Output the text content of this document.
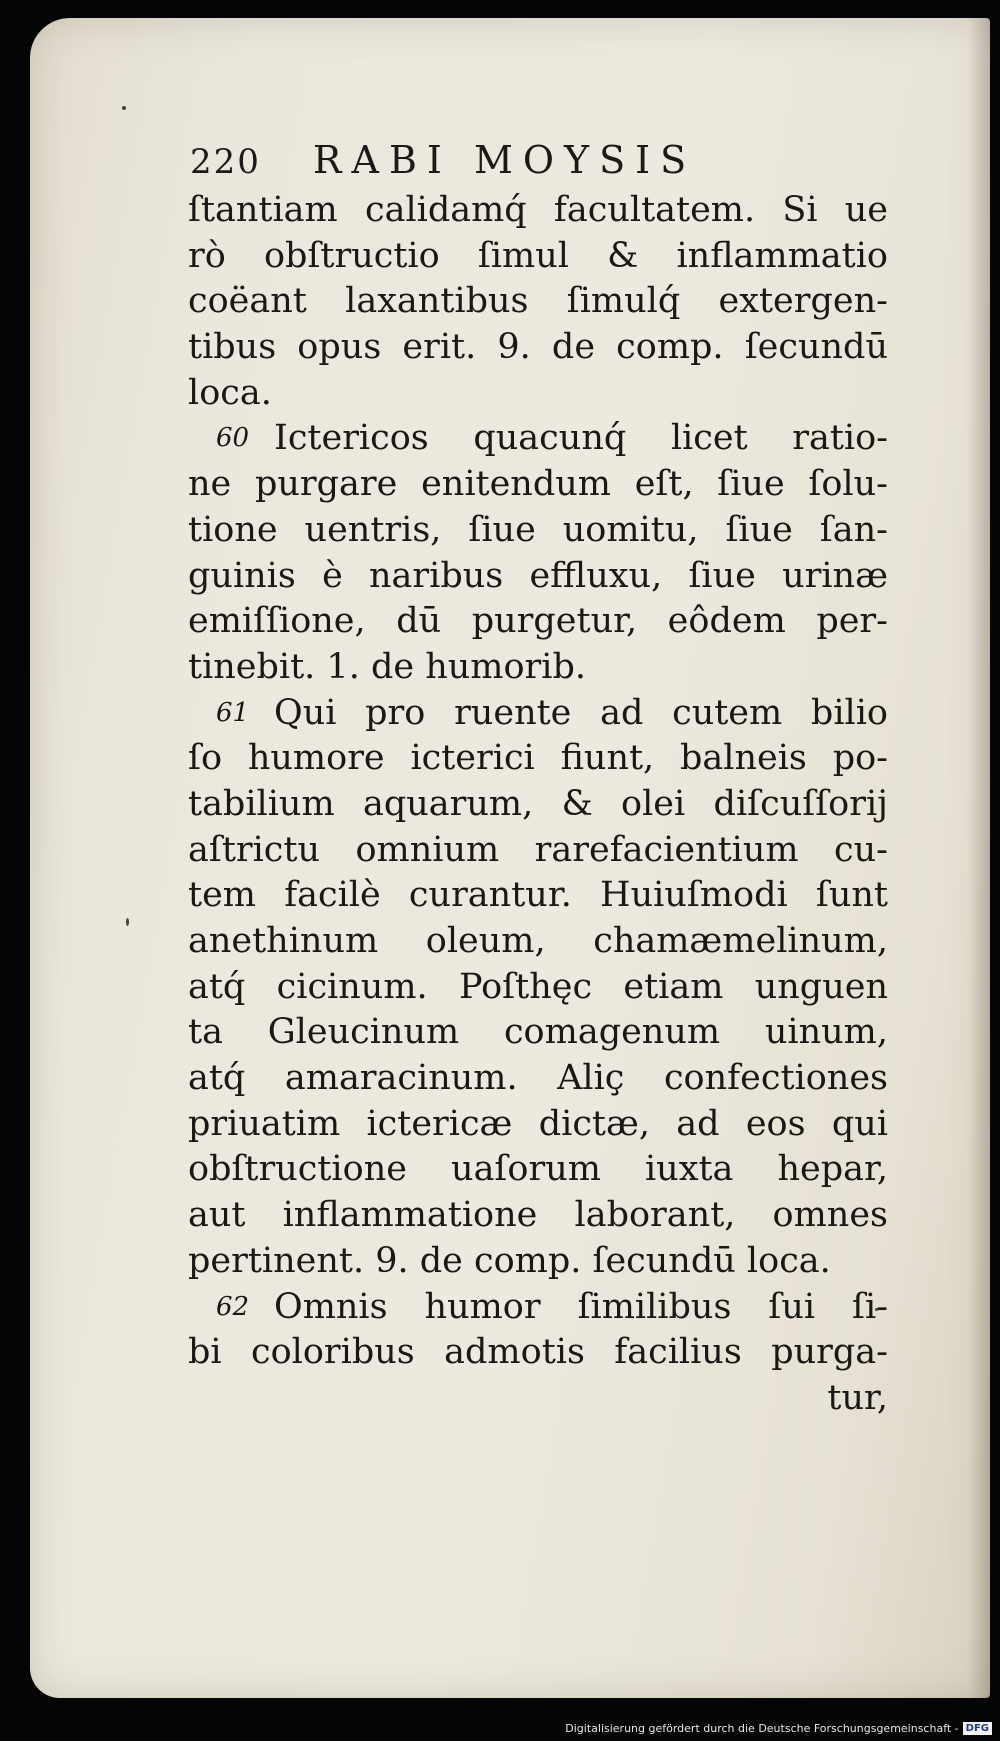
220 RABI MOYSIS
ſtantiam calidamq́ facultatem. Si ue
rò obſtructio ſimul & inflammatio
coëant laxantibus ſimulq́ extergen-
tibus opus erit. 9. de comp. ſecundū
loca.
60 Ictericos quacunq́ licet ratio-
ne purgare enitendum eſt, ſiue ſolu-
tione uentris, ſiue uomitu, ſiue ſan-
guinis è naribus effluxu, ſiue urinæ
emiſſione, dū purgetur, eôdem per-
tinebit. 1. de humorib.
61 Qui pro ruente ad cutem bilio
ſo humore icterici fiunt, balneis po-
tabilium aquarum, & olei diſcuſſorij
aſtrictu omnium rarefacientium cu-
tem facilè curantur. Huiuſmodi ſunt
anethinum oleum, chamæmelinum,
atq́ cicinum. Poſthęc etiam unguen
ta Gleucinum comagenum uinum,
atq́ amaracinum. Aliç confectiones
priuatim ictericæ dictæ, ad eos qui
obſtructione uaſorum iuxta hepar,
aut inflammatione laborant, omnes
pertinent. 9. de comp. ſecundū loca.
62 Omnis humor ſimilibus ſui ſi-
bi coloribus admotis facilius purga-
tur,
Digitalisierung gefördert durch die Deutsche Forschungsgemeinschaft - DFG
